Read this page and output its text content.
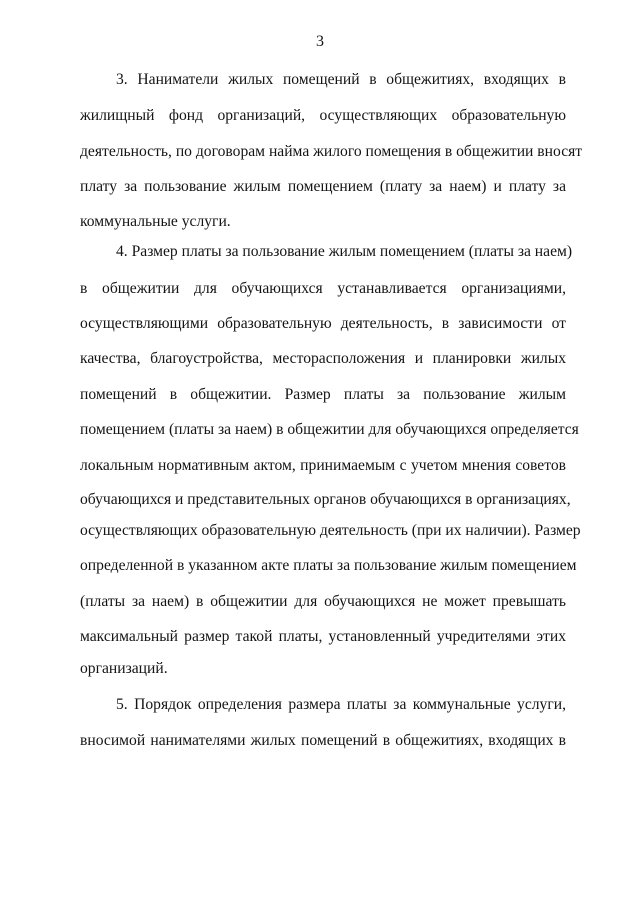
3
3. Наниматели жилых помещений в общежитиях, входящих в
жилищный фонд организаций, осуществляющих образовательную
деятельность, по договорам найма жилого помещения в общежитии вносят
плату за пользование жилым помещением (плату за наем) и плату за
коммунальные услуги.
4. Размер платы за пользование жилым помещением (платы за наем)
в общежитии для обучающихся устанавливается организациями,
осуществляющими образовательную деятельность, в зависимости от
качества, благоустройства, месторасположения и планировки жилых
помещений в общежитии. Размер платы за пользование жилым
помещением (платы за наем) в общежитии для обучающихся определяется
локальным нормативным актом, принимаемым с учетом мнения советов
обучающихся и представительных органов обучающихся в организациях,
осуществляющих образовательную деятельность (при их наличии). Размер
определенной в указанном акте платы за пользование жилым помещением
(платы за наем) в общежитии для обучающихся не может превышать
максимальный размер такой платы, установленный учредителями этих
организаций.
5. Порядок определения размера платы за коммунальные услуги,
вносимой нанимателями жилых помещений в общежитиях, входящих в
